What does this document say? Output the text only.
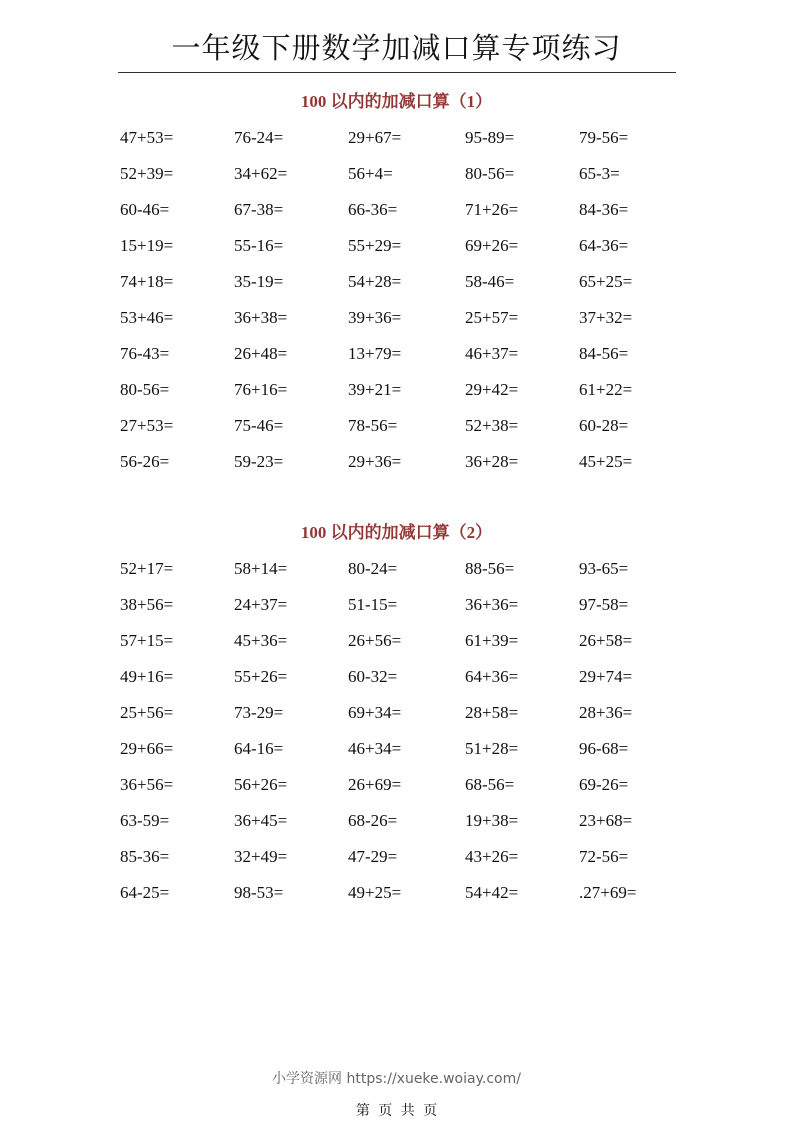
一年级下册数学加减口算专项练习
100 以内的加减口算（1）
47+53=	76-24=	29+67=	95-89=	79-56=
52+39=	34+62=	56+4=	80-56=	65-3=
60-46=	67-38=	66-36=	71+26=	84-36=
15+19=	55-16=	55+29=	69+26=	64-36=
74+18=	35-19=	54+28=	58-46=	65+25=
53+46=	36+38=	39+36=	25+57=	37+32=
76-43=	26+48=	13+79=	46+37=	84-56=
80-56=	76+16=	39+21=	29+42=	61+22=
27+53=	75-46=	78-56=	52+38=	60-28=
56-26=	59-23=	29+36=	36+28=	45+25=
100 以内的加减口算（2）
52+17=	58+14=	80-24=	88-56=	93-65=
38+56=	24+37=	51-15=	36+36=	97-58=
57+15=	45+36=	26+56=	61+39=	26+58=
49+16=	55+26=	60-32=	64+36=	29+74=
25+56=	73-29=	69+34=	28+58=	28+36=
29+66=	64-16=	46+34=	51+28=	96-68=
36+56=	56+26=	26+69=	68-56=	69-26=
63-59=	36+45=	68-26=	19+38=	23+68=
85-36=	32+49=	47-29=	43+26=	72-56=
64-25=	98-53=	49+25=	54+42=	.27+69=
小学资源网 https://xueke.woiay.com/
第 页 共 页
